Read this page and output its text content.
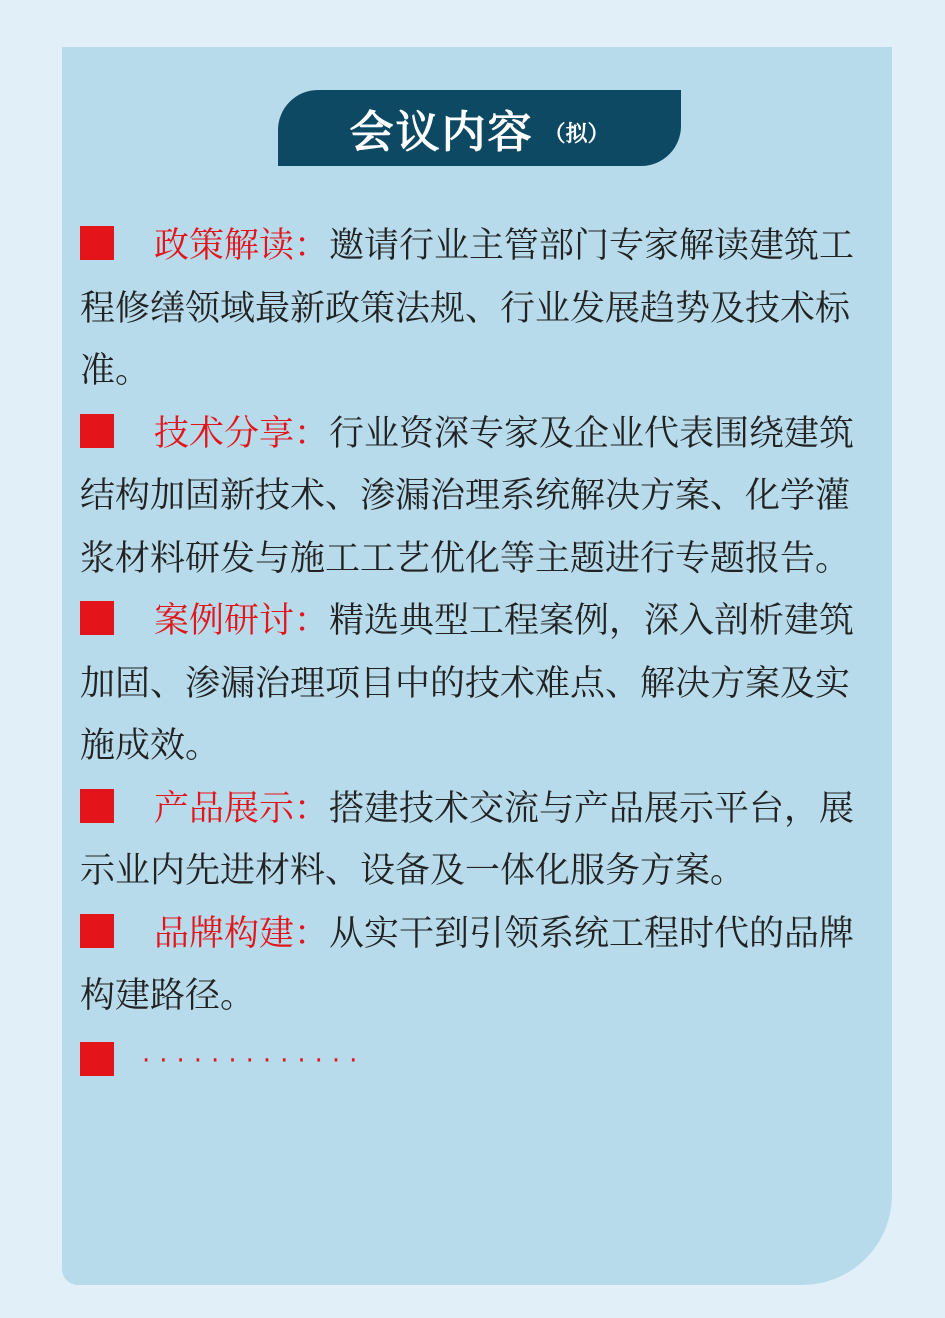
会议内容 （拟）

政策解读：邀请行业主管部门专家解读建筑工程修缮领域最新政策法规、行业发展趋势及技术标准。

技术分享：行业资深专家及企业代表围绕建筑结构加固新技术、渗漏治理系统解决方案、化学灌浆材料研发与施工工艺优化等主题进行专题报告。

案例研讨：精选典型工程案例，深入剖析建筑加固、渗漏治理项目中的技术难点、解决方案及实施成效。

产品展示：搭建技术交流与产品展示平台，展示业内先进材料、设备及一体化服务方案。

品牌构建：从实干到引领系统工程时代的品牌构建路径。

·············
